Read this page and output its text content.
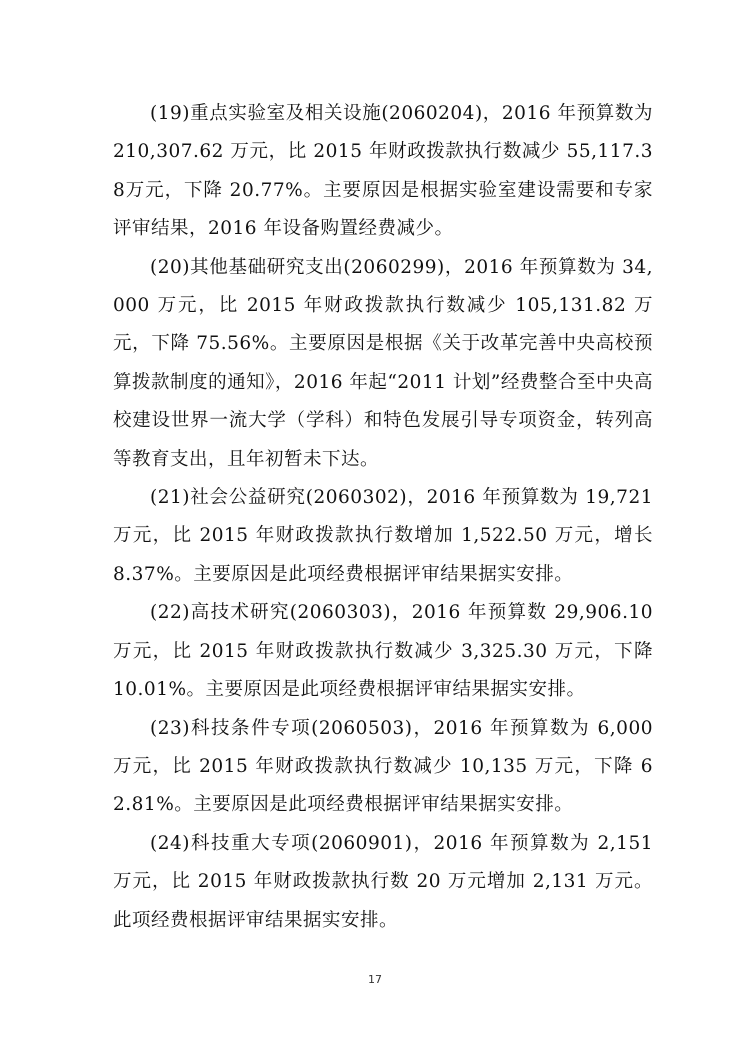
(19)重点实验室及相关设施(2060204)，2016 年预算数为 210,307.62 万元，比 2015 年财政拨款执行数减少 55,117.38万元，下降 20.77%。主要原因是根据实验室建设需要和专家评审结果，2016 年设备购置经费减少。

(20)其他基础研究支出(2060299)，2016 年预算数为 34,000 万元，比 2015 年财政拨款执行数减少 105,131.82 万元，下降 75.56%。主要原因是根据《关于改革完善中央高校预算拨款制度的通知》，2016 年起“2011 计划”经费整合至中央高校建设世界一流大学（学科）和特色发展引导专项资金，转列高等教育支出，且年初暂未下达。

(21)社会公益研究(2060302)，2016 年预算数为 19,721 万元，比 2015 年财政拨款执行数增加 1,522.50 万元，增长 8.37%。主要原因是此项经费根据评审结果据实安排。

(22)高技术研究(2060303)，2016 年预算数 29,906.10 万元，比 2015 年财政拨款执行数减少 3,325.30 万元，下降 10.01%。主要原因是此项经费根据评审结果据实安排。

(23)科技条件专项(2060503)，2016 年预算数为 6,000 万元，比 2015 年财政拨款执行数减少 10,135 万元，下降 62.81%。主要原因是此项经费根据评审结果据实安排。

(24)科技重大专项(2060901)，2016 年预算数为 2,151 万元，比 2015 年财政拨款执行数 20 万元增加 2,131 万元。此项经费根据评审结果据实安排。

17
